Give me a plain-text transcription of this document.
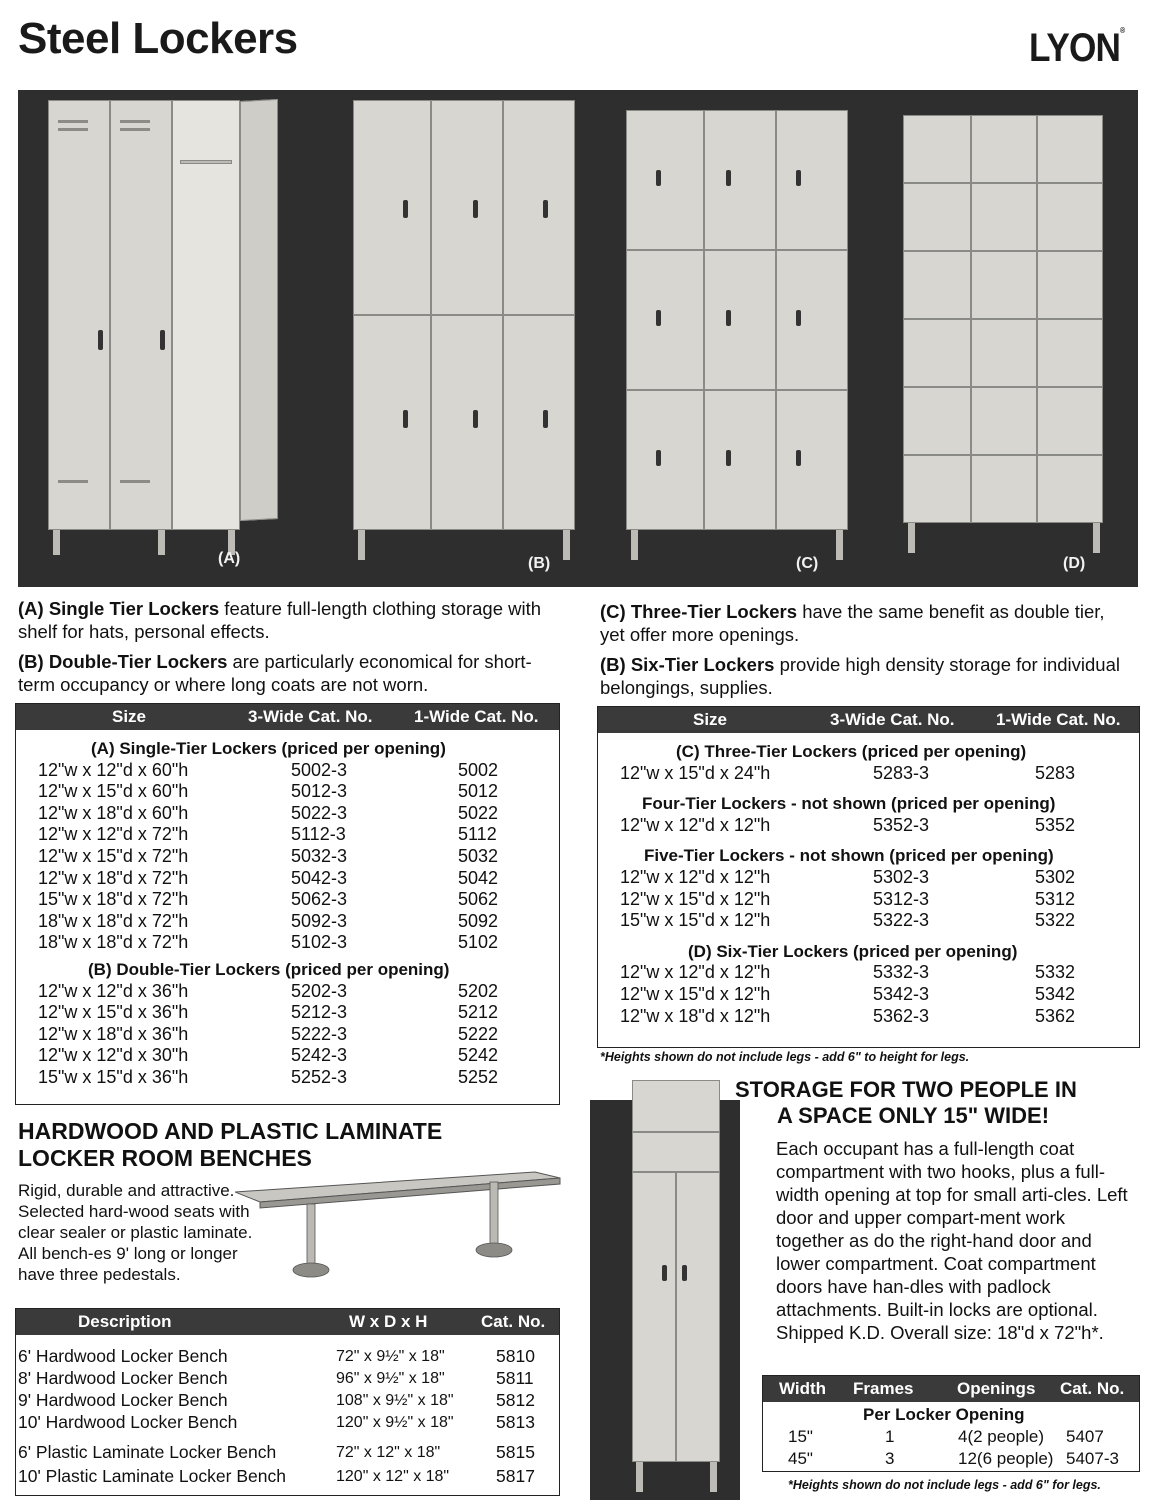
Steel Lockers	LYON®
(A)	(B)	(C)	(D)
(A) Single Tier Lockers feature full-length clothing storage with shelf for hats, personal effects.
(B) Double-Tier Lockers are particularly economical for short-term occupancy or where long coats are not worn.
(C) Three-Tier Lockers have the same benefit as double tier, yet offer more openings.
(B) Six-Tier Lockers provide high density storage for individual belongings, supplies.
Size	3-Wide Cat. No. 1-Wide Cat. No.
(A) Single-Tier Lockers (priced per opening)
12"w x 12"d x 60"h	5002-3	5002
12"w x 15"d x 60"h	5012-3	5012
12"w x 18"d x 60"h	5022-3	5022
12"w x 12"d x 72"h	5112-3	5112
12"w x 15"d x 72"h	5032-3	5032
12"w x 18"d x 72"h	5042-3	5042
15"w x 18"d x 72"h	5062-3	5062
18"w x 18"d x 72"h	5092-3	5092
18"w x 18"d x 72"h	5102-3	5102
(B) Double-Tier Lockers (priced per opening)
12"w x 12"d x 36"h	5202-3	5202
12"w x 15"d x 36"h	5212-3	5212
12"w x 18"d x 36"h	5222-3	5222
12"w x 12"d x 30"h	5242-3	5242
15"w x 15"d x 36"h	5252-3	5252
Size	3-Wide Cat. No. 1-Wide Cat. No.
(C) Three-Tier Lockers (priced per opening)
12"w x 15"d x 24"h	5283-3	5283
Four-Tier Lockers - not shown (priced per opening)
12"w x 12"d x 12"h	5352-3	5352
Five-Tier Lockers - not shown (priced per opening)
12"w x 12"d x 12"h	5302-3	5302
12"w x 15"d x 12"h	5312-3	5312
15"w x 15"d x 12"h	5322-3	5322
(D) Six-Tier Lockers (priced per opening)
12"w x 12"d x 12"h	5332-3	5332
12"w x 15"d x 12"h	5342-3	5342
12"w x 18"d x 12"h	5362-3	5362
*Heights shown do not include legs - add 6" to height for legs.
HARDWOOD AND PLASTIC LAMINATE
LOCKER ROOM BENCHES
Rigid, durable and attractive. Selected hard-wood seats with clear sealer or plastic laminate. All bench-es 9' long or longer have three pedestals.
Description	W x D x H	Cat. No.
6' Hardwood Locker Bench	72" x 9½" x 18"	5810
8' Hardwood Locker Bench	96" x 9½" x 18"	5811
9' Hardwood Locker Bench	108" x 9½" x 18" 5812
10' Hardwood Locker Bench	120" x 9½" x 18" 5813
6' Plastic Laminate Locker Bench	72" x 12" x 18"	5815
10' Plastic Laminate Locker Bench	120" x 12" x 18"	5817
STORAGE FOR TWO PEOPLE IN
A SPACE ONLY 15" WIDE!
Each occupant has a full-length coat compartment with two hooks, plus a full-width opening at top for small arti-cles. Left door and upper compart-ment work together as do the right-hand door and lower compartment. Coat compartment doors have han-dles with padlock attachments. Built-in locks are optional. Shipped K.D. Overall size: 18"d x 72"h*.
Width Frames	Openings Cat. No.
Per Locker Opening
15"	1	4(2 people) 5407
45"	3	12(6 people) 5407-3
*Heights shown do not include legs - add 6" for legs.
